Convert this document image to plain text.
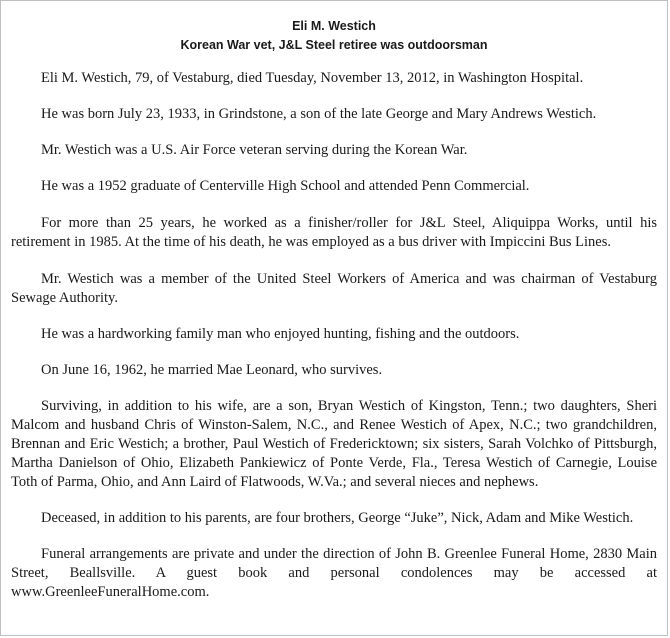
Eli M. Westich
Korean War vet, J&L Steel retiree was outdoorsman

Eli M. Westich, 79, of Vestaburg, died Tuesday, November 13, 2012, in Washington Hospital.

He was born July 23, 1933, in Grindstone, a son of the late George and Mary Andrews Westich.

Mr. Westich was a U.S. Air Force veteran serving during the Korean War.

He was a 1952 graduate of Centerville High School and attended Penn Commercial.

For more than 25 years, he worked as a finisher/roller for J&L Steel, Aliquippa Works, until his retirement in 1985. At the time of his death, he was employed as a bus driver with Impiccini Bus Lines.

Mr. Westich was a member of the United Steel Workers of America and was chairman of Vestaburg Sewage Authority.

He was a hardworking family man who enjoyed hunting, fishing and the outdoors.

On June 16, 1962, he married Mae Leonard, who survives.

Surviving, in addition to his wife, are a son, Bryan Westich of Kingston, Tenn.; two daughters, Sheri Malcom and husband Chris of Winston-Salem, N.C., and Renee Westich of Apex, N.C.; two grandchildren, Brennan and Eric Westich; a brother, Paul Westich of Fredericktown; six sisters, Sarah Volchko of Pittsburgh, Martha Danielson of Ohio, Elizabeth Pankiewicz of Ponte Verde, Fla., Teresa Westich of Carnegie, Louise Toth of Parma, Ohio, and Ann Laird of Flatwoods, W.Va.; and several nieces and nephews.

Deceased, in addition to his parents, are four brothers, George “Juke”, Nick, Adam and Mike Westich.

Funeral arrangements are private and under the direction of John B. Greenlee Funeral Home, 2830 Main Street, Beallsville. A guest book and personal condolences may be accessed at www.GreenleeFuneralHome.com.
